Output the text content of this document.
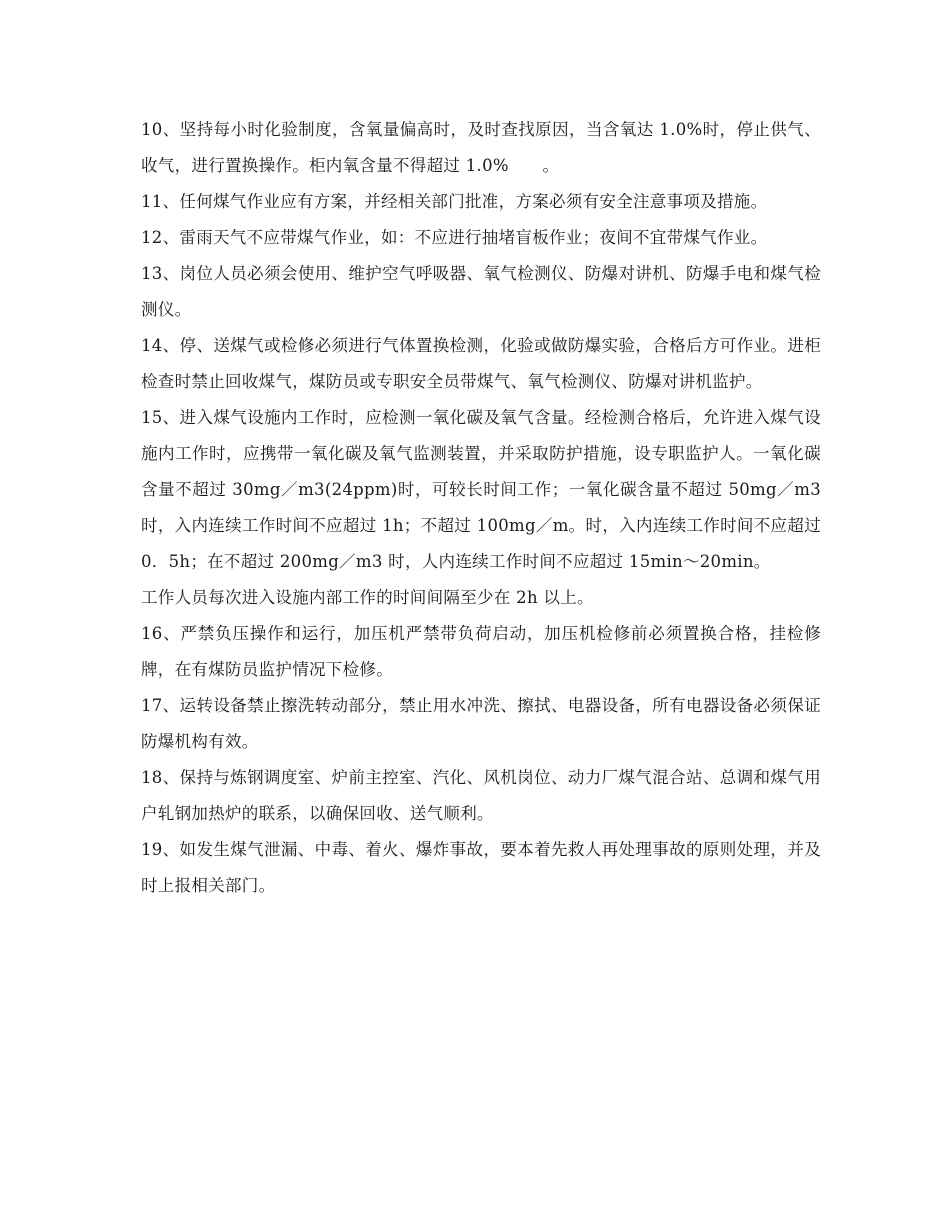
10、坚持每小时化验制度，含氧量偏高时，及时查找原因，当含氧达 1.0%时，停止供气、收气，进行置换操作。柜内氧含量不得超过 1.0%　　。

11、任何煤气作业应有方案，并经相关部门批准，方案必须有安全注意事项及措施。

12、雷雨天气不应带煤气作业，如：不应进行抽堵盲板作业；夜间不宜带煤气作业。

13、岗位人员必须会使用、维护空气呼吸器、氧气检测仪、防爆对讲机、防爆手电和煤气检测仪。

14、停、送煤气或检修必须进行气体置换检测，化验或做防爆实验，合格后方可作业。进柜检查时禁止回收煤气，煤防员或专职安全员带煤气、氧气检测仪、防爆对讲机监护。

15、进入煤气设施内工作时，应检测一氧化碳及氧气含量。经检测合格后，允许进入煤气设施内工作时，应携带一氧化碳及氧气监测装置，并采取防护措施，设专职监护人。一氧化碳含量不超过 30mg／m3(24ppm)时，可较长时间工作；一氧化碳含量不超过 50mg／m3 时，入内连续工作时间不应超过 1h；不超过 100mg／m。时，入内连续工作时间不应超过 0．5h；在不超过 200mg／m3 时，人内连续工作时间不应超过 15min～20min。

工作人员每次进入设施内部工作的时间间隔至少在 2h 以上。

16、严禁负压操作和运行，加压机严禁带负荷启动，加压机检修前必须置换合格，挂检修牌，在有煤防员监护情况下检修。

17、运转设备禁止擦洗转动部分，禁止用水冲洗、擦拭、电器设备，所有电器设备必须保证防爆机构有效。

18、保持与炼钢调度室、炉前主控室、汽化、风机岗位、动力厂煤气混合站、总调和煤气用户轧钢加热炉的联系，以确保回收、送气顺利。

19、如发生煤气泄漏、中毒、着火、爆炸事故，要本着先救人再处理事故的原则处理，并及时上报相关部门。
